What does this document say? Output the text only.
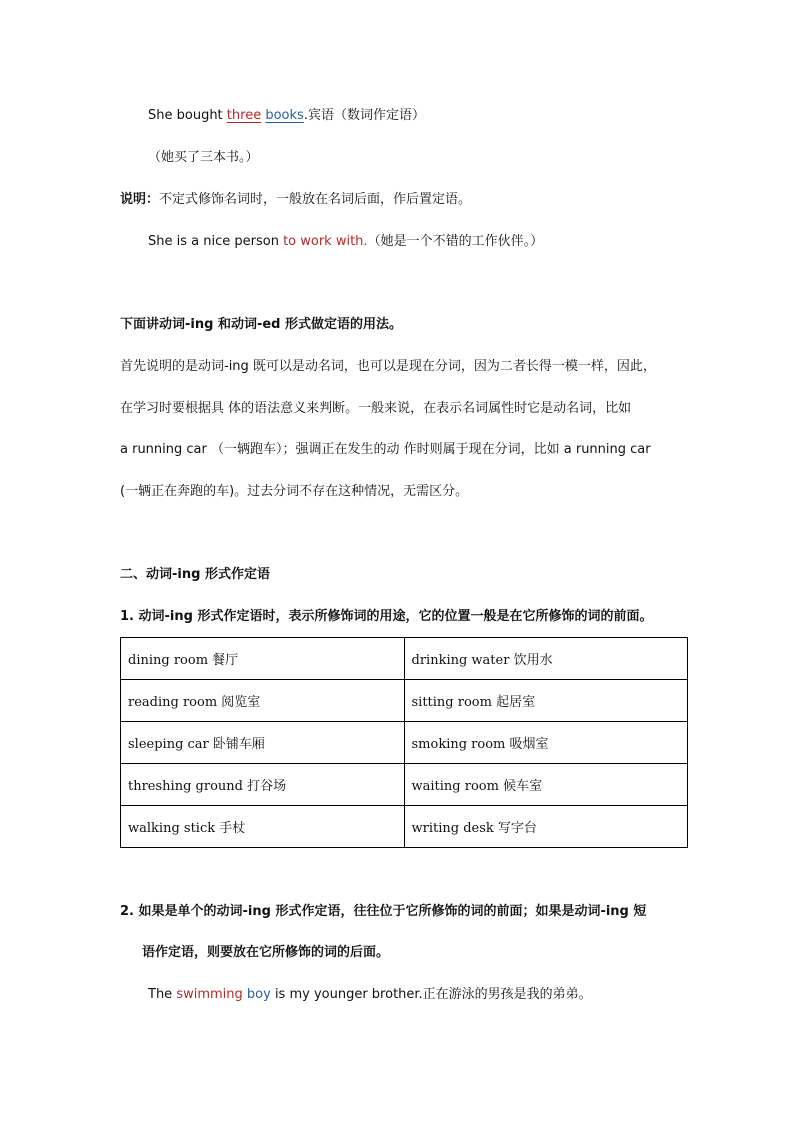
She bought three books.宾语（数词作定语）
（她买了三本书。）
说明：不定式修饰名词时，一般放在名词后面，作后置定语。
She is a nice person to work with.（她是一个不错的工作伙伴。）
下面讲动词-ing 和动词-ed 形式做定语的用法。
首先说明的是动词-ing 既可以是动名词，也可以是现在分词，因为二者长得一模一样，因此，
在学习时要根据具 体的语法意义来判断。一般来说，在表示名词属性时它是动名词，比如
a running car （一辆跑车）；强调正在发生的动 作时则属于现在分词，比如 a running car
(一辆正在奔跑的车)。过去分词不存在这种情况，无需区分。
二、动词-ing 形式作定语
1. 动词-ing 形式作定语时，表示所修饰词的用途，它的位置一般是在它所修饰的词的前面。
dining room 餐厅	drinking water 饮用水
reading room 阅览室	sitting room 起居室
sleeping car 卧铺车厢	smoking room 吸烟室
threshing ground 打谷场	waiting room 候车室
walking stick 手杖	writing desk 写字台
2. 如果是单个的动词-ing 形式作定语，往往位于它所修饰的词的前面；如果是动词-ing 短
语作定语，则要放在它所修饰的词的后面。
The swimming boy is my younger brother.正在游泳的男孩是我的弟弟。
